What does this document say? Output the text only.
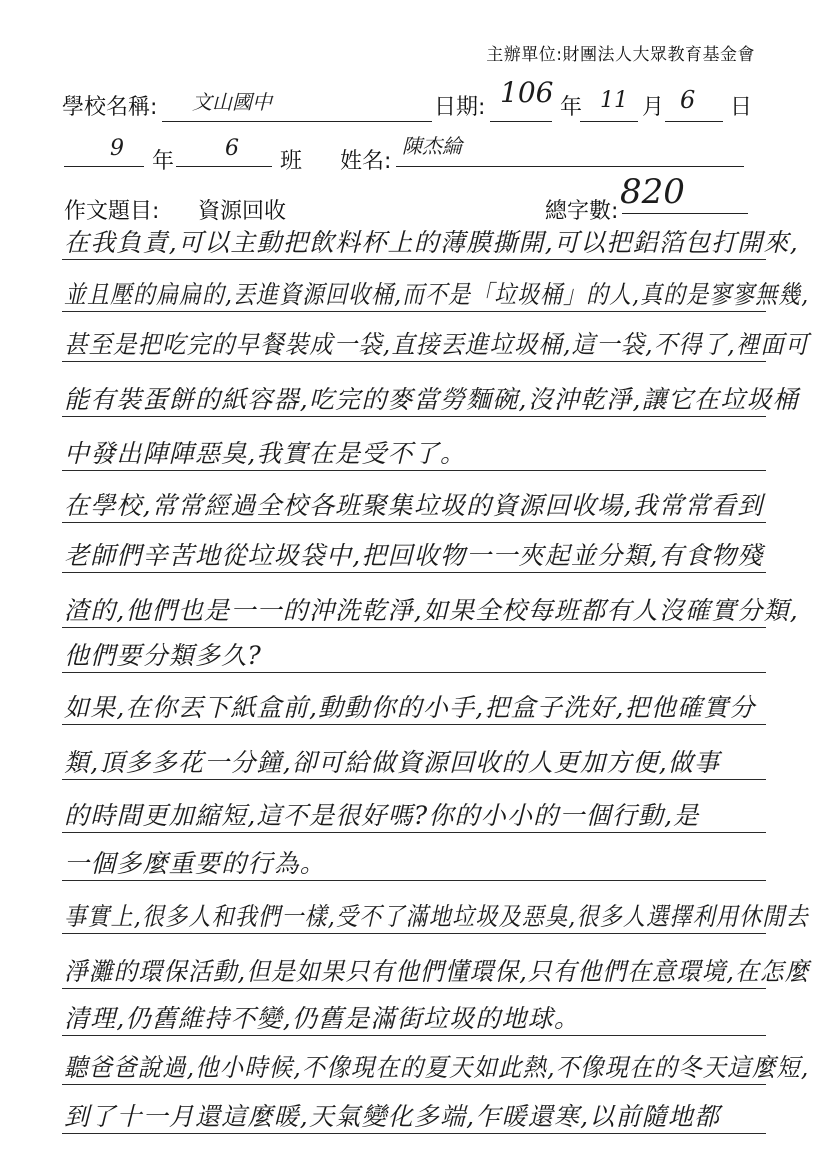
主辦單位:財團法人大眾教育基金會
學校名稱: 文山國中	日期: 106 年 11 月 6 日
9
年
6
班 姓名:
陳杰綸
作文題目: 資源回收	總字數: 820
在我負責,可以主動把飲料杯上的薄膜撕開,可以把鋁箔包打開來,
並且壓的扁扁的,丟進資源回收桶,而不是「垃圾桶」的人,真的是寥寥無幾,
甚至是把吃完的早餐裝成一袋,直接丟進垃圾桶,這一袋,不得了,裡面可
能有裝蛋餅的紙容器,吃完的麥當勞麵碗,沒沖乾淨,讓它在垃圾桶
中發出陣陣惡臭,我實在是受不了。
在學校,常常經過全校各班聚集垃圾的資源回收場,我常常看到
老師們辛苦地從垃圾袋中,把回收物一一夾起並分類,有食物殘
渣的,他們也是一一的沖洗乾淨,如果全校每班都有人沒確實分類,
他們要分類多久?
如果,在你丟下紙盒前,動動你的小手,把盒子洗好,把他確實分
類,頂多多花一分鐘,卻可給做資源回收的人更加方便,做事
的時間更加縮短,這不是很好嗎?你的小小的一個行動,是
一個多麼重要的行為。
事實上,很多人和我們一樣,受不了滿地垃圾及惡臭,很多人選擇利用休閒去
淨灘的環保活動,但是如果只有他們懂環保,只有他們在意環境,在怎麼
清理,仍舊維持不變,仍舊是滿街垃圾的地球。
聽爸爸說過,他小時候,不像現在的夏天如此熱,不像現在的冬天這麼短,
到了十一月還這麼暖,天氣變化多端,乍暖還寒,以前隨地都
